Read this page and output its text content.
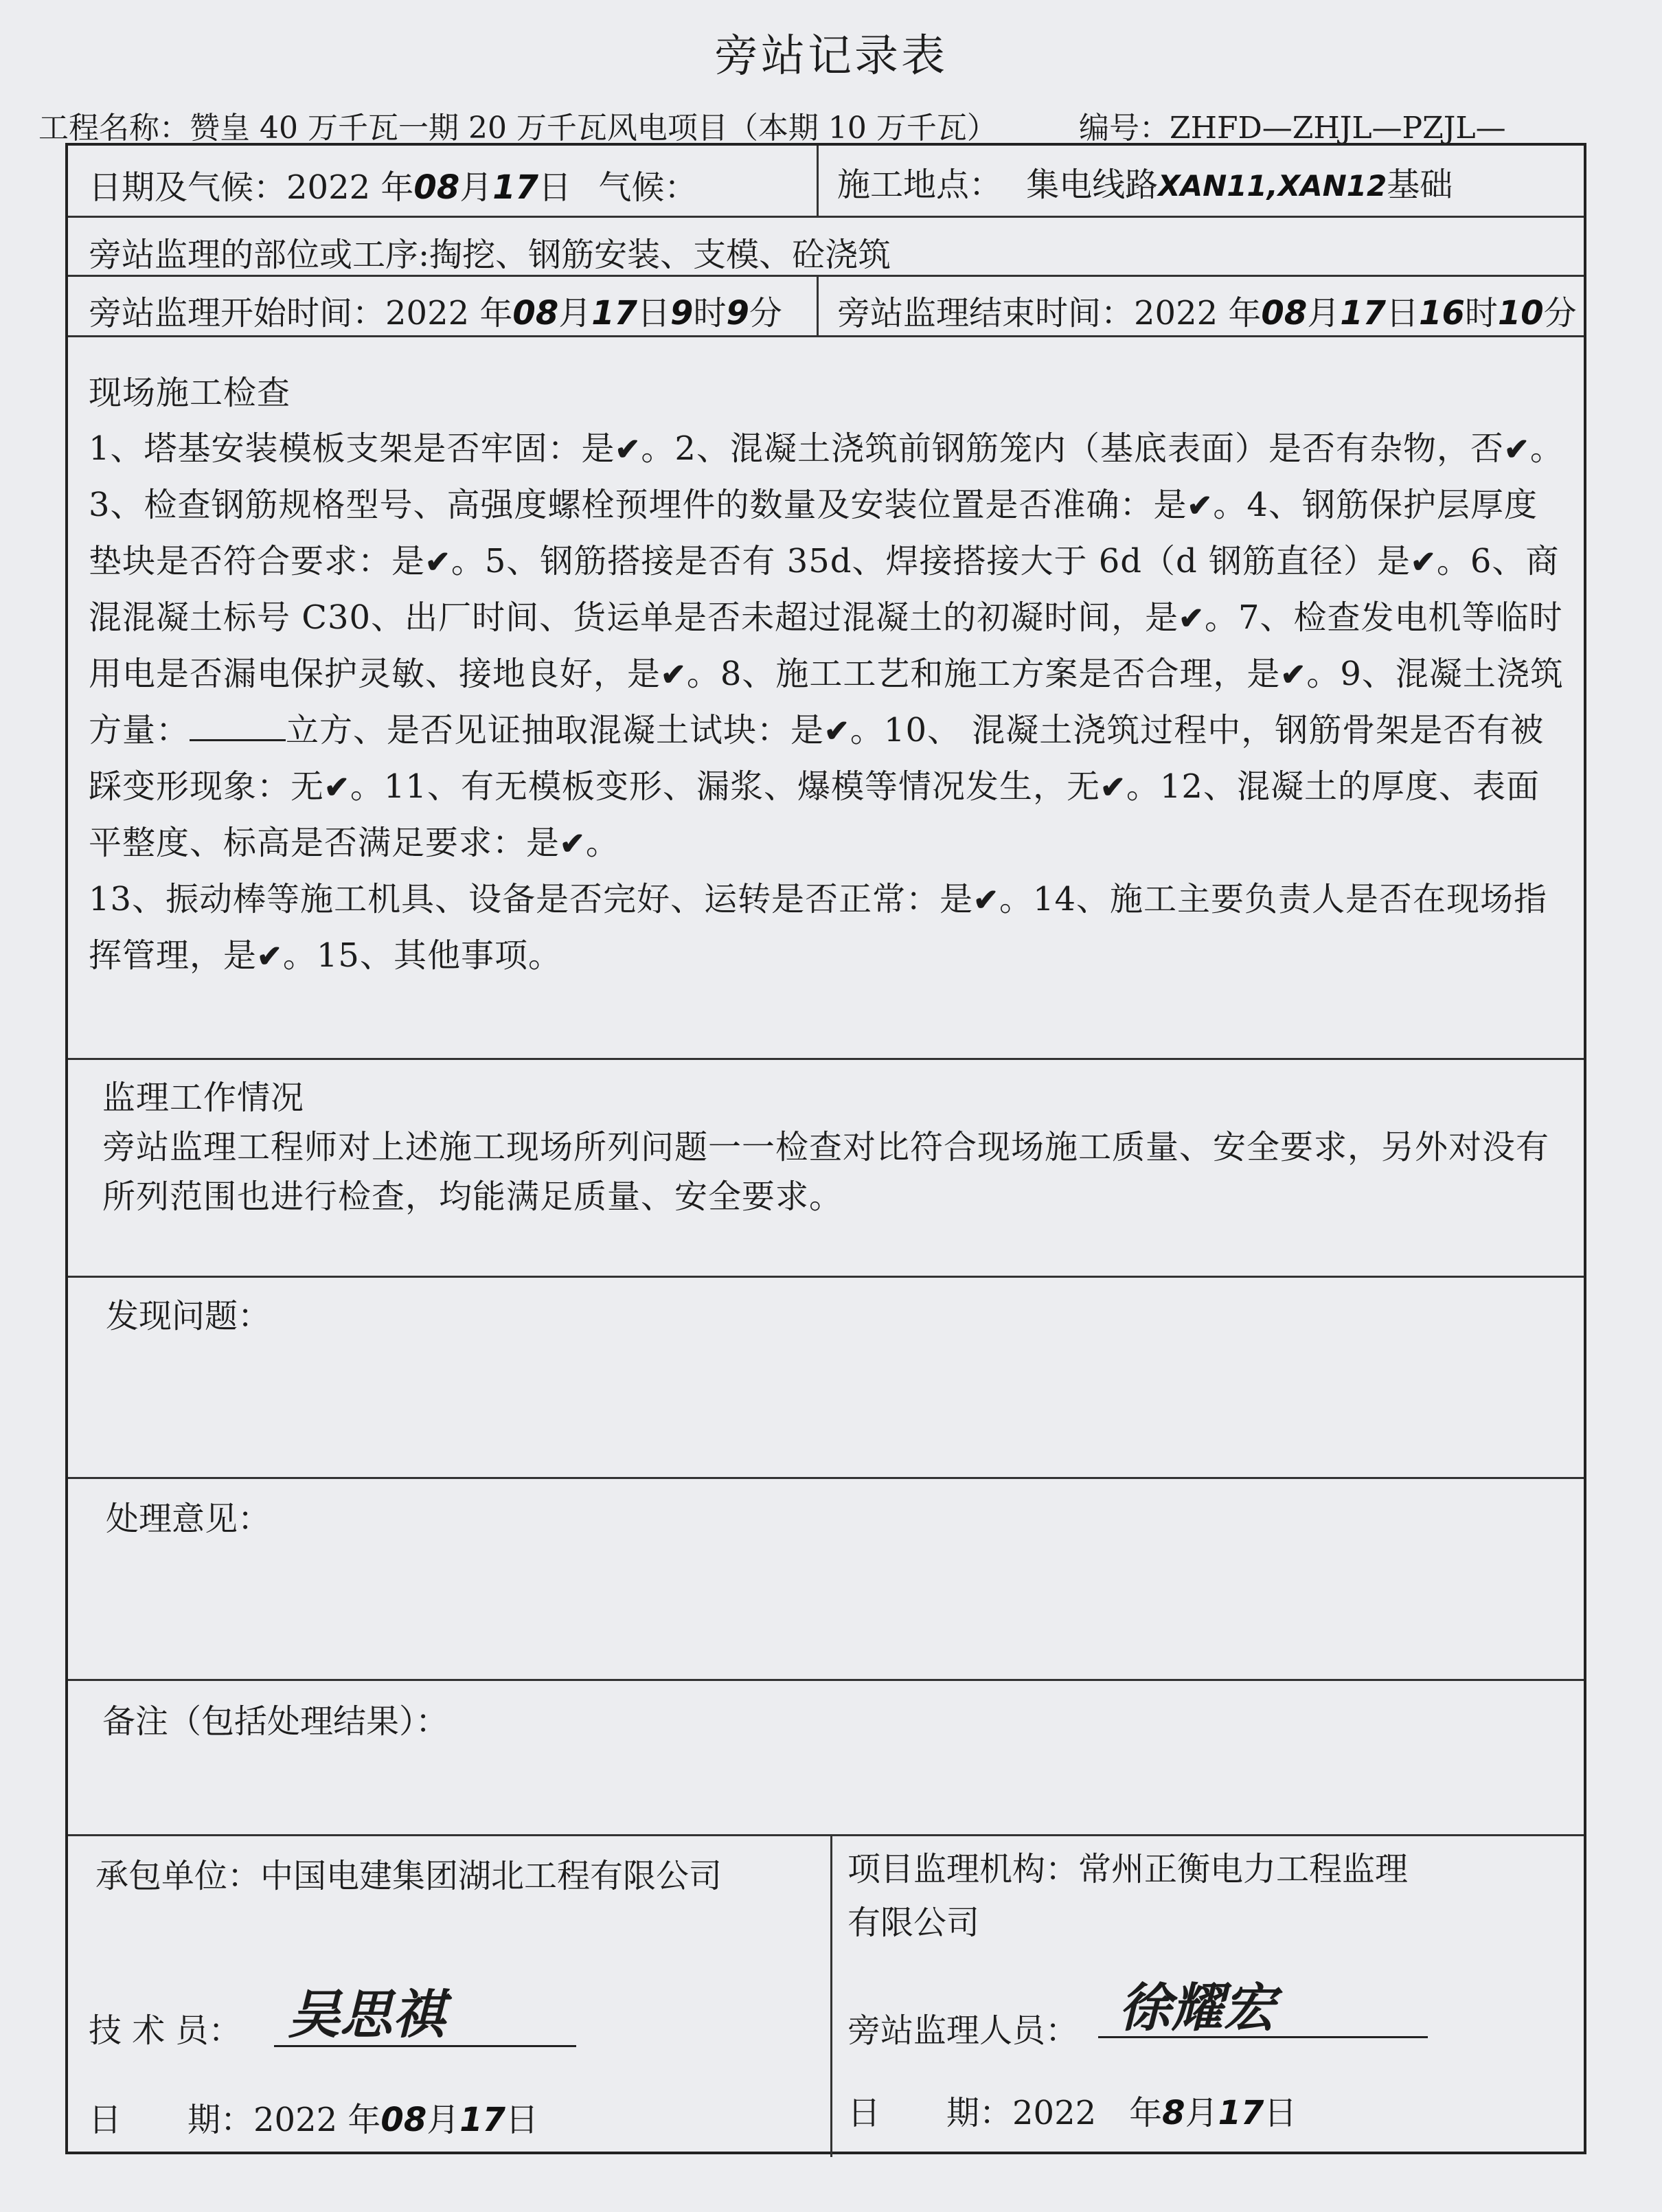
旁站记录表
工程名称：赞皇 40 万千瓦一期 20 万千瓦风电项目（本期 10 万千瓦）	编号：ZHFD—ZHJL—PZJL—
日期及气候：2022 年08月17日 气候：	施工地点： 集电线路XAN11,XAN12基础
旁站监理的部位或工序:掏挖、钢筋安装、支模、砼浇筑
旁站监理开始时间：2022 年08月17日9时9分 旁站监理结束时间：2022 年08月17日16时10分

现场施工检查

1、塔基安装模板支架是否牢固：是✔。2、混凝土浇筑前钢筋笼内（基底表面）是否有杂物，否✔。3、检查钢筋规格型号、高强度螺栓预埋件的数量及安装位置是否准确：是✔。4、钢筋保护层厚度垫块是否符合要求：是✔。5、钢筋搭接是否有 35d、焊接搭接大于 6d（d 钢筋直径）是✔。6、商混混凝土标号 C30、出厂时间、货运单是否未超过混凝土的初凝时间，是✔。7、检查发电机等临时用电是否漏电保护灵敏、接地良好，是✔。8、施工工艺和施工方案是否合理，是✔。9、混凝土浇筑方量：	立方、是否见证抽取混凝土试块：是✔。10、 混凝土浇筑过程中，钢筋骨架是否有被踩变形现象：无✔。11、有无模板变形、漏浆、爆模等情况发生，无✔。12、混凝土的厚度、表面平整度、标高是否满足要求：是✔。

13、振动棒等施工机具、设备是否完好、运转是否正常：是✔。14、施工主要负责人是否在现场指挥管理，是✔。15、其他事项。

监理工作情况

旁站监理工程师对上述施工现场所列问题一一检查对比符合现场施工质量、安全要求，另外对没有所列范围也进行检查，均能满足质量、安全要求。

发现问题：
处理意见：
备注（包括处理结果）：
承包单位：中国电建集团湖北工程有限公司
技 术 员： 吴思祺
日　　期：2022 年08月17日
项目监理机构：常州正衡电力工程监理
有限公司
旁站监理人员： 徐耀宏
日　　期：2022　年8月17日
